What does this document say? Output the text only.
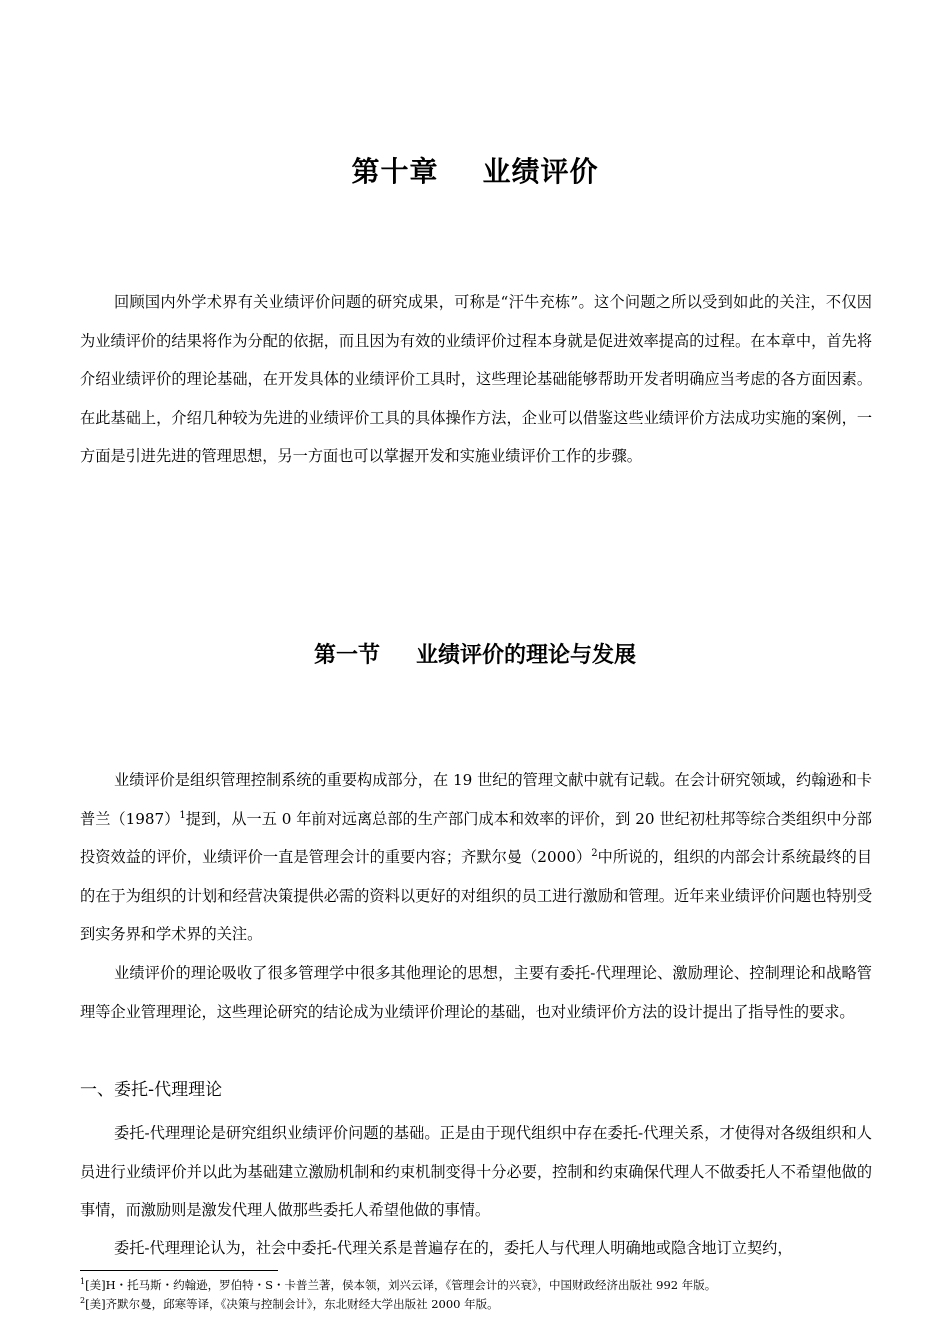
第十章 业绩评价

回顾国内外学术界有关业绩评价问题的研究成果，可称是“汗牛充栋”。这个问题之所以受到如此的关注，不仅因为业绩评价的结果将作为分配的依据，而且因为有效的业绩评价过程本身就是促进效率提高的过程。在本章中，首先将介绍业绩评价的理论基础，在开发具体的业绩评价工具时，这些理论基础能够帮助开发者明确应当考虑的各方面因素。在此基础上，介绍几种较为先进的业绩评价工具的具体操作方法，企业可以借鉴这些业绩评价方法成功实施的案例，一方面是引进先进的管理思想，另一方面也可以掌握开发和实施业绩评价工作的步骤。

第一节 业绩评价的理论与发展

业绩评价是组织管理控制系统的重要构成部分，在 19 世纪的管理文献中就有记载。在会计研究领域，约翰逊和卡普兰$(1987)^1$提到，从一五 0 年前对远离总部的生产部门成本和效率的评价，到 20 世纪初杜邦等综合类组织中分部投资效益的评价，业绩评价一直是管理会计的重要内容；齐默尔曼$(2000)^2$中所说的，组织的内部会计系统最终的目的在于为组织的计划和经营决策提供必需的资料以更好的对组织的员工进行激励和管理。近年来业绩评价问题也特别受到实务界和学术界的关注。

业绩评价的理论吸收了很多管理学中很多其他理论的思想，主要有委托-代理理论、激励理论、控制理论和战略管理等企业管理理论，这些理论研究的结论成为业绩评价理论的基础，也对业绩评价方法的设计提出了指导性的要求。

一、委托-代理理论

委托-代理理论是研究组织业绩评价问题的基础。正是由于现代组织中存在委托-代理关系，才使得对各级组织和人员进行业绩评价并以此为基础建立激励机制和约束机制变得十分必要，控制和约束确保代理人不做委托人不希望他做的事情，而激励则是激发代理人做那些委托人希望他做的事情。

委托-代理理论认为，社会中委托-代理关系是普遍存在的，委托人与代理人明确地或隐含地订立契约，

$^1$[美]H・托马斯・约翰逊，罗伯特・S・卡普兰著，侯本领，刘兴云译，《管理会计的兴衰》，中国财政经济出版社 992 年版。
$^2$[美]齐默尔曼，邱寒等译，《决策与控制会计》，东北财经大学出版社 2000 年版。
